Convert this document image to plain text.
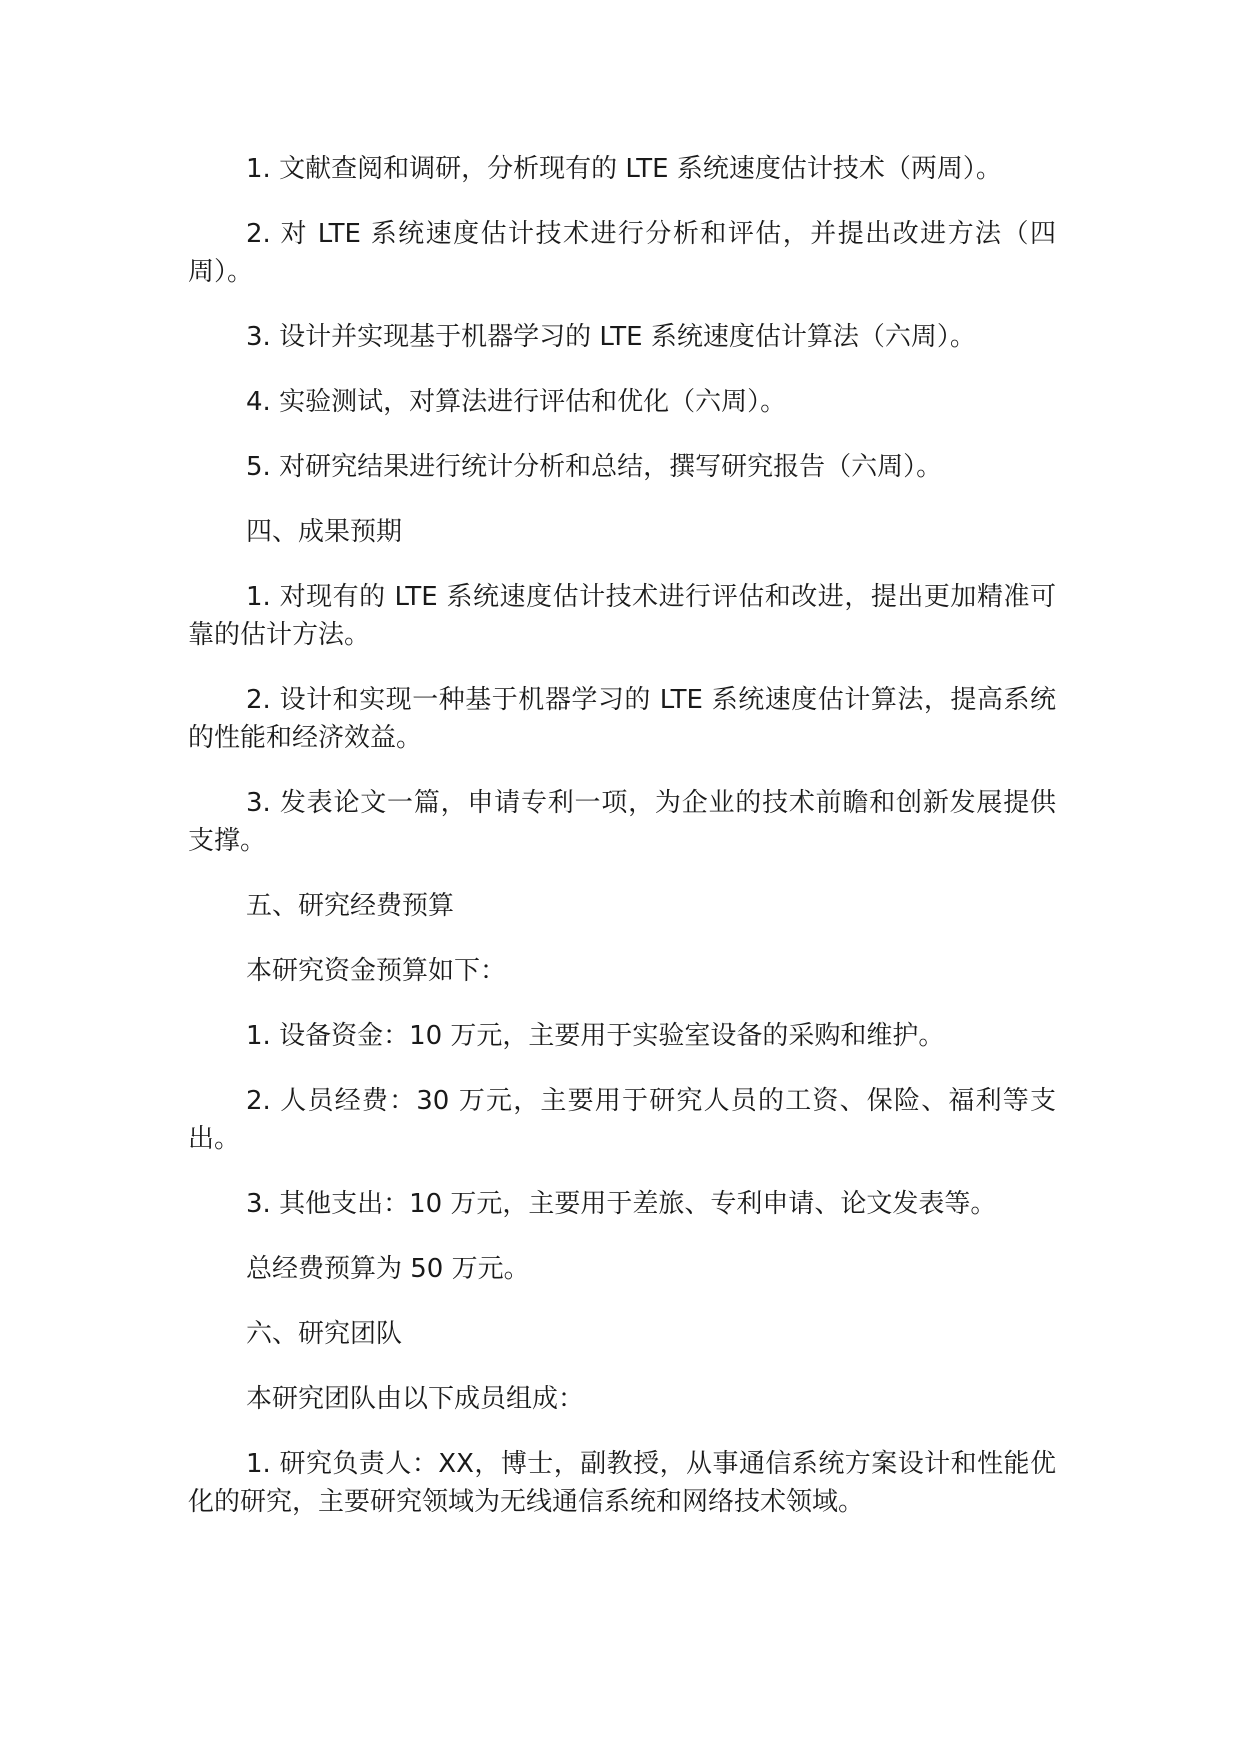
1. 文献查阅和调研，分析现有的 LTE 系统速度估计技术（两周）。

2. 对 LTE 系统速度估计技术进行分析和评估，并提出改进方法（四周）。

3. 设计并实现基于机器学习的 LTE 系统速度估计算法（六周）。

4. 实验测试，对算法进行评估和优化（六周）。

5. 对研究结果进行统计分析和总结，撰写研究报告（六周）。

四、成果预期

1. 对现有的 LTE 系统速度估计技术进行评估和改进，提出更加精准可靠的估计方法。

2. 设计和实现一种基于机器学习的 LTE 系统速度估计算法，提高系统的性能和经济效益。

3. 发表论文一篇，申请专利一项，为企业的技术前瞻和创新发展提供支撑。

五、研究经费预算

本研究资金预算如下：

1. 设备资金：10 万元，主要用于实验室设备的采购和维护。

2. 人员经费：30 万元，主要用于研究人员的工资、保险、福利等支出。

3. 其他支出：10 万元，主要用于差旅、专利申请、论文发表等。

总经费预算为 50 万元。

六、研究团队

本研究团队由以下成员组成：

1. 研究负责人：XX，博士，副教授，从事通信系统方案设计和性能优化的研究，主要研究领域为无线通信系统和网络技术领域。
